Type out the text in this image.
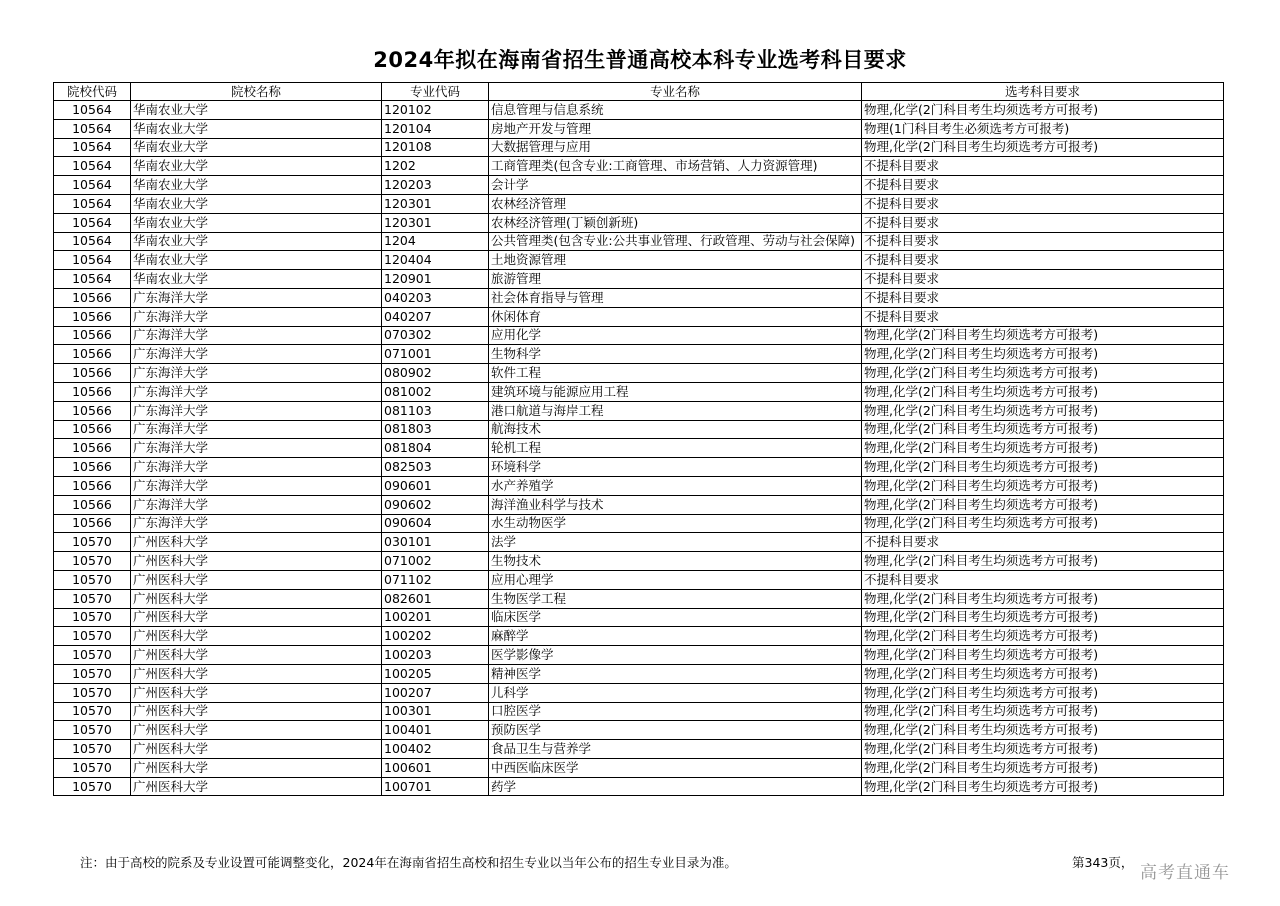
2024年拟在海南省招生普通高校本科专业选考科目要求
院校代码	院校名称	专业代码	专业名称	选考科目要求
10564	华南农业大学	120102	信息管理与信息系统	物理,化学(2门科目考生均须选考方可报考)
10564	华南农业大学	120104	房地产开发与管理	物理(1门科目考生必须选考方可报考)
10564	华南农业大学	120108	大数据管理与应用	物理,化学(2门科目考生均须选考方可报考)
10564	华南农业大学	1202	工商管理类(包含专业:工商管理、市场营销、人力资源管理)	不提科目要求
10564	华南农业大学	120203	会计学	不提科目要求
10564	华南农业大学	120301	农林经济管理	不提科目要求
10564	华南农业大学	120301	农林经济管理(丁颖创新班)	不提科目要求
10564	华南农业大学	1204	公共管理类(包含专业:公共事业管理、行政管理、劳动与社会保障)	不提科目要求
10564	华南农业大学	120404	土地资源管理	不提科目要求
10564	华南农业大学	120901	旅游管理	不提科目要求
10566	广东海洋大学	040203	社会体育指导与管理	不提科目要求
10566	广东海洋大学	040207	休闲体育	不提科目要求
10566	广东海洋大学	070302	应用化学	物理,化学(2门科目考生均须选考方可报考)
10566	广东海洋大学	071001	生物科学	物理,化学(2门科目考生均须选考方可报考)
10566	广东海洋大学	080902	软件工程	物理,化学(2门科目考生均须选考方可报考)
10566	广东海洋大学	081002	建筑环境与能源应用工程	物理,化学(2门科目考生均须选考方可报考)
10566	广东海洋大学	081103	港口航道与海岸工程	物理,化学(2门科目考生均须选考方可报考)
10566	广东海洋大学	081803	航海技术	物理,化学(2门科目考生均须选考方可报考)
10566	广东海洋大学	081804	轮机工程	物理,化学(2门科目考生均须选考方可报考)
10566	广东海洋大学	082503	环境科学	物理,化学(2门科目考生均须选考方可报考)
10566	广东海洋大学	090601	水产养殖学	物理,化学(2门科目考生均须选考方可报考)
10566	广东海洋大学	090602	海洋渔业科学与技术	物理,化学(2门科目考生均须选考方可报考)
10566	广东海洋大学	090604	水生动物医学	物理,化学(2门科目考生均须选考方可报考)
10570	广州医科大学	030101	法学	不提科目要求
10570	广州医科大学	071002	生物技术	物理,化学(2门科目考生均须选考方可报考)
10570	广州医科大学	071102	应用心理学	不提科目要求
10570	广州医科大学	082601	生物医学工程	物理,化学(2门科目考生均须选考方可报考)
10570	广州医科大学	100201	临床医学	物理,化学(2门科目考生均须选考方可报考)
10570	广州医科大学	100202	麻醉学	物理,化学(2门科目考生均须选考方可报考)
10570	广州医科大学	100203	医学影像学	物理,化学(2门科目考生均须选考方可报考)
10570	广州医科大学	100205	精神医学	物理,化学(2门科目考生均须选考方可报考)
10570	广州医科大学	100207	儿科学	物理,化学(2门科目考生均须选考方可报考)
10570	广州医科大学	100301	口腔医学	物理,化学(2门科目考生均须选考方可报考)
10570	广州医科大学	100401	预防医学	物理,化学(2门科目考生均须选考方可报考)
10570	广州医科大学	100402	食品卫生与营养学	物理,化学(2门科目考生均须选考方可报考)
10570	广州医科大学	100601	中西医临床医学	物理,化学(2门科目考生均须选考方可报考)
10570	广州医科大学	100701	药学	物理,化学(2门科目考生均须选考方可报考)
注：由于高校的院系及专业设置可能调整变化，2024年在海南省招生高校和招生专业以当年公布的招生专业目录为准。	第343页，
高考直通车
